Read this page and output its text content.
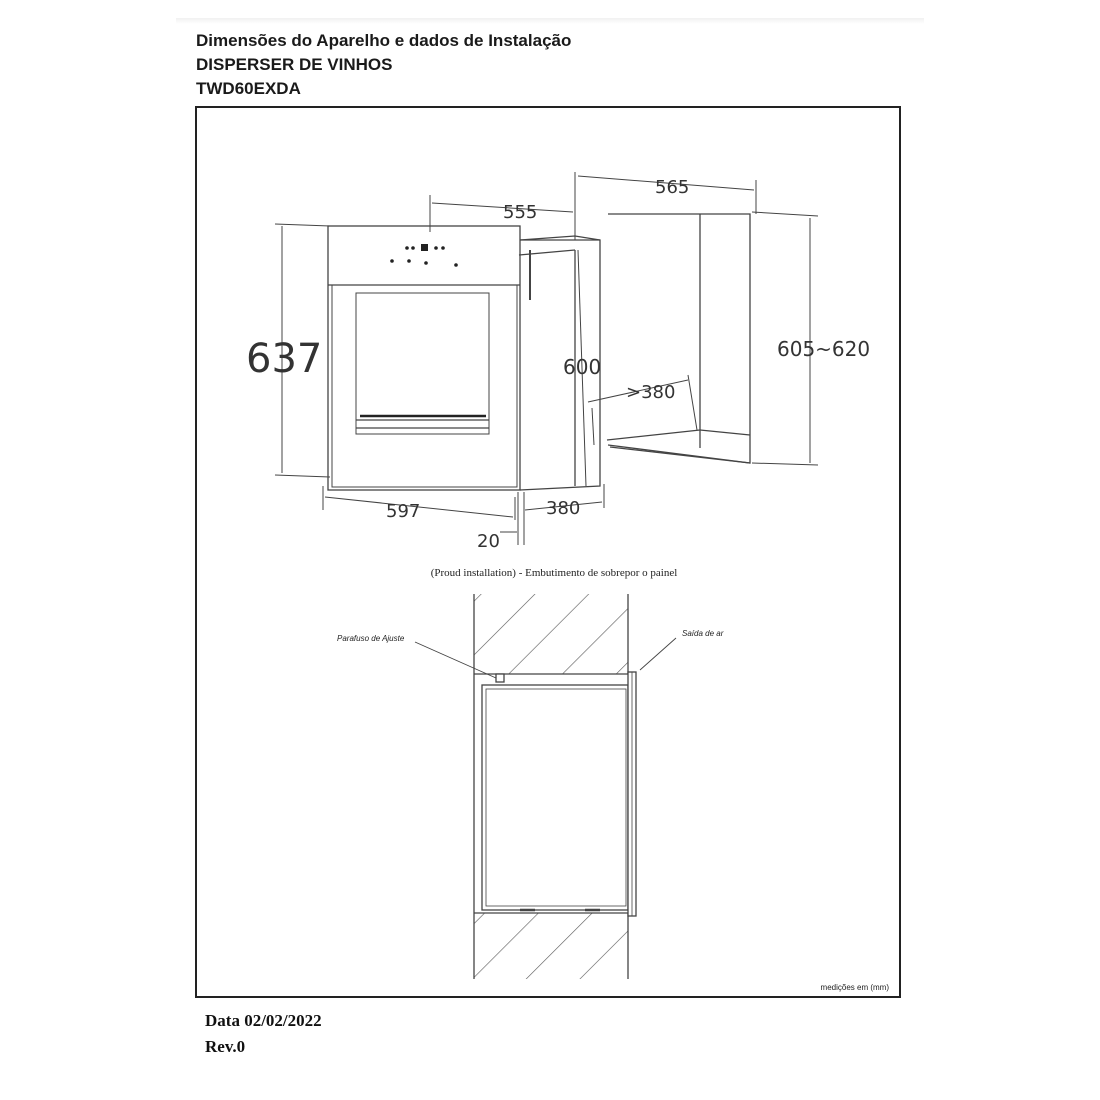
Dimensões do Aparelho e dados de Instalação
DISPERSER DE VINHOS
TWD60EXDA
555
565
637	600
605~620
>380
597	380
20
(Proud installation) - Embutimento de sobrepor o painel
Parafuso de Ajuste
Saída de ar
medições em (mm)
Data 02/02/2022
Rev.0
